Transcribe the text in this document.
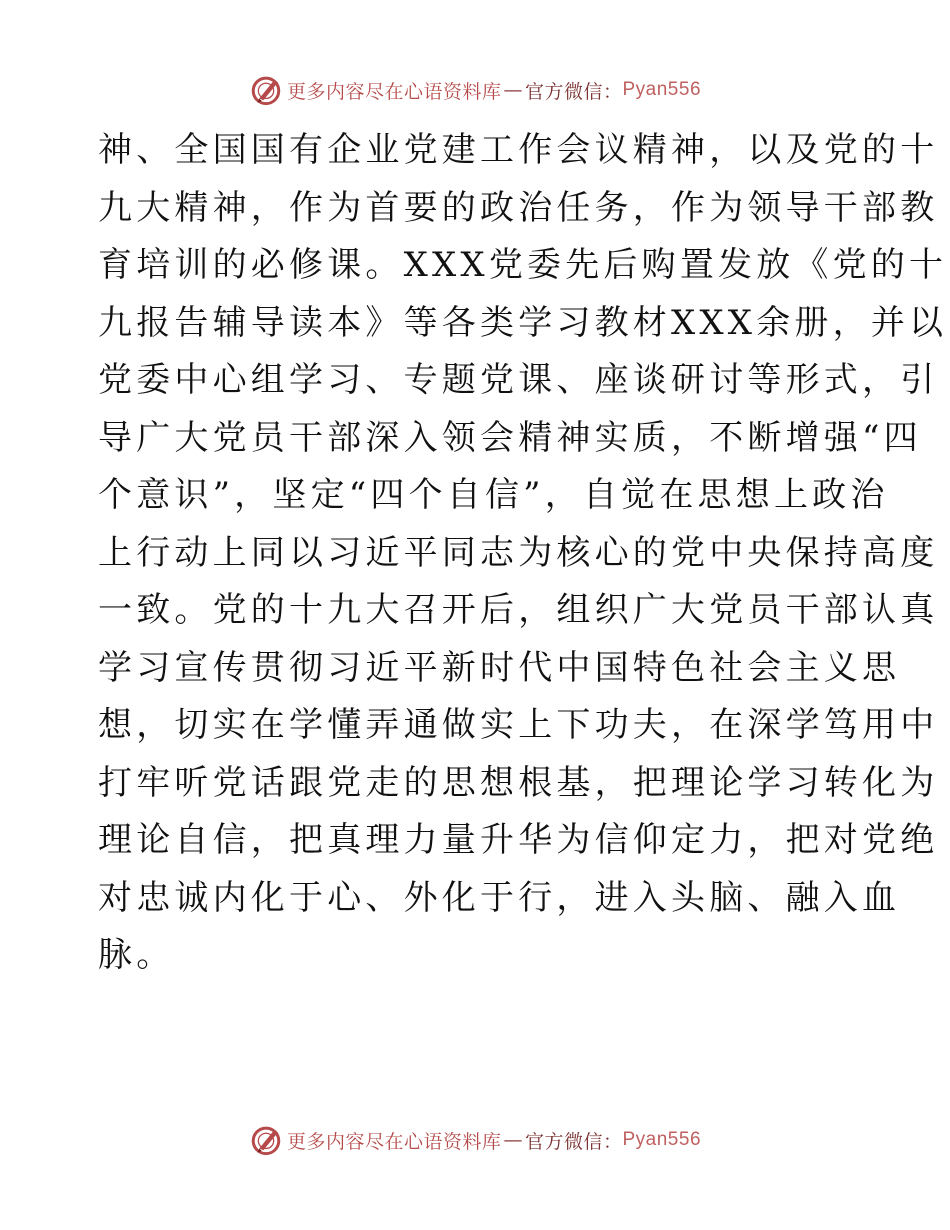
更多内容尽在心语资料库 — 官方微信： Pyan556
神、全国国有企业党建工作会议精神，以及党的十
九大精神，作为首要的政治任务，作为领导干部教
育培训的必修课。XXX党委先后购置发放《党的十
九报告辅导读本》等各类学习教材XXX余册，并以
党委中心组学习、专题党课、座谈研讨等形式，引
导广大党员干部深入领会精神实质，不断增强“四
个意识”，坚定“四个自信”，自觉在思想上政治
上行动上同以习近平同志为核心的党中央保持高度
一致。党的十九大召开后，组织广大党员干部认真
学习宣传贯彻习近平新时代中国特色社会主义思
想，切实在学懂弄通做实上下功夫，在深学笃用中
打牢听党话跟党走的思想根基，把理论学习转化为
理论自信，把真理力量升华为信仰定力，把对党绝
对忠诚内化于心、外化于行，进入头脑、融入血
脉。
更多内容尽在心语资料库 — 官方微信： Pyan556
